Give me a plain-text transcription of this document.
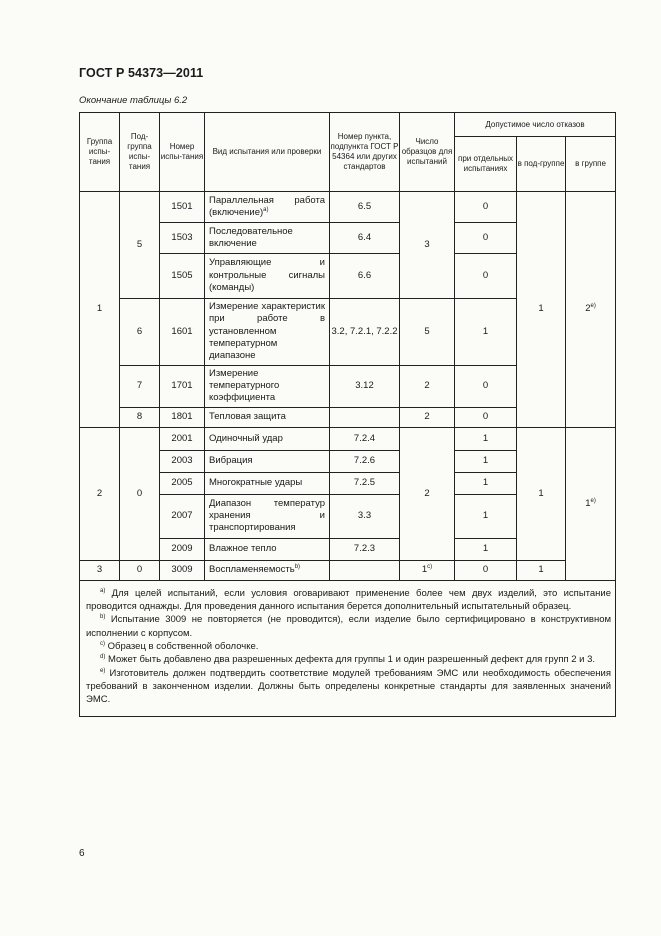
ГОСТ Р 54373—2011
Окончание таблицы 6.2
Группа испы-тания	Под-группа испы-тания	Номер испы-тания	Вид испытания или проверки	Номер пункта, подпункта ГОСТ Р 54364 или других стандартов	Число образцов для испытаний	Допустимое число отказов		
						при отдельных испытаниях	в под-группе	в группе
1	5	1501	Параллельная работа (включение)$^{a)}$	6.5	3	0	1	2$^{e)}$
		1503	Последовательное включение	6.4		0		
		1505	Управляющие и контрольные сигналы (команды)	6.6		0		
	6	1601	Измерение характеристик при работе в установленном температурном диапазоне	3.2, 7.2.1, 7.2.2	5	1		
	7	1701	Измерение температурного коэффициента	3.12	2	0		
	8	1801	Тепловая защита		2	0		
2	0	2001	Одиночный удар	7.2.4	2	1	1	1$^{e)}$
		2003	Вибрация	7.2.6		1		
		2005	Многократные удары	7.2.5		1		
		2007	Диапазон температур хранения и транспортирования	3.3		1		
		2009	Влажное тепло	7.2.3		1		
3	0	3009	Воспламеняемость$^{b)}$		1$^{c)}$	0	1	

$^{a)}$ Для целей испытаний, если условия оговаривают применение более чем двух изделий, это испытание проводится однажды. Для проведения данного испытания берется дополнительный испытательный образец.

$^{b)}$ Испытание 3009 не повторяется (не проводится), если изделие было сертифицировано в конструктивном исполнении с корпусом.

$^{c)}$ Образец в собственной оболочке.

$^{d)}$ Может быть добавлено два разрешенных дефекта для группы 1 и один разрешенный дефект для групп 2 и 3.

$^{e)}$ Изготовитель должен подтвердить соответствие модулей требованиям ЭМС или необходимость обеспечения требований в законченном изделии. Должны быть определены конкретные стандарты для заявленных значений ЭМС.								

6
